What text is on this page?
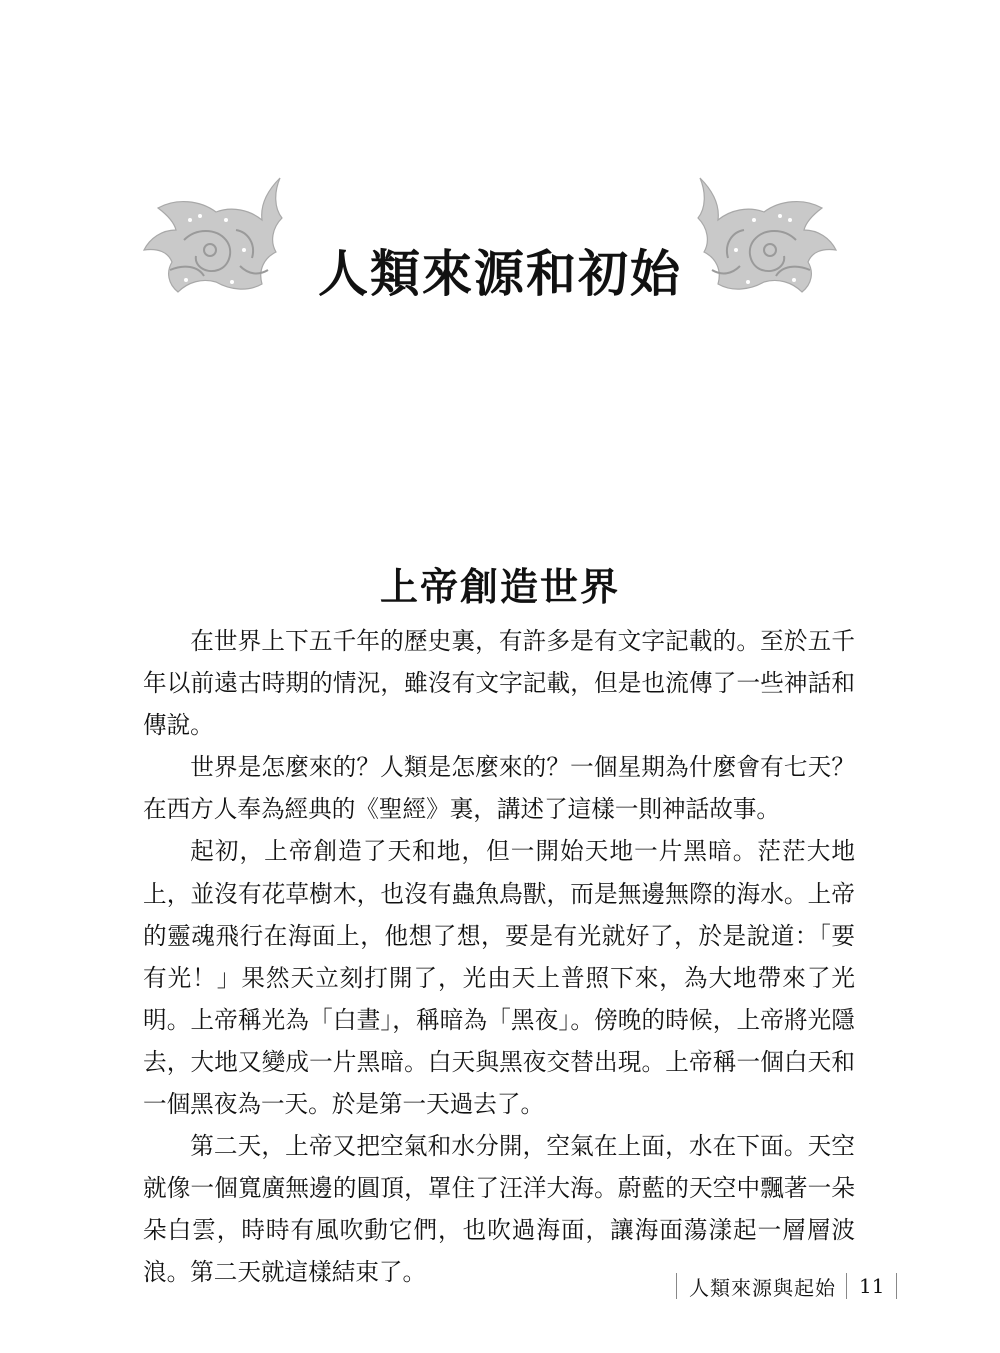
人類來源和初始
上帝創造世界

在世界上下五千年的歷史裏，有許多是有文字記載的。至於五千年以前遠古時期的情況，雖沒有文字記載，但是也流傳了一些神話和傳說。

世界是怎麼來的？人類是怎麼來的？一個星期為什麼會有七天？在西方人奉為經典的《聖經》裏，講述了這樣一則神話故事。

起初，上帝創造了天和地，但一開始天地一片黑暗。茫茫大地上，並沒有花草樹木，也沒有蟲魚鳥獸，而是無邊無際的海水。上帝的靈魂飛行在海面上，他想了想，要是有光就好了，於是說道：「要有光！」果然天立刻打開了，光由天上普照下來，為大地帶來了光明。上帝稱光為「白晝」，稱暗為「黑夜」。傍晚的時候，上帝將光隱去，大地又變成一片黑暗。白天與黑夜交替出現。上帝稱一個白天和一個黑夜為一天。於是第一天過去了。

第二天，上帝又把空氣和水分開，空氣在上面，水在下面。天空就像一個寬廣無邊的圓頂，罩住了汪洋大海。蔚藍的天空中飄著一朵朵白雲，時時有風吹動它們，也吹過海面，讓海面蕩漾起一層層波浪。第二天就這樣結束了。

人類來源與起始	11
